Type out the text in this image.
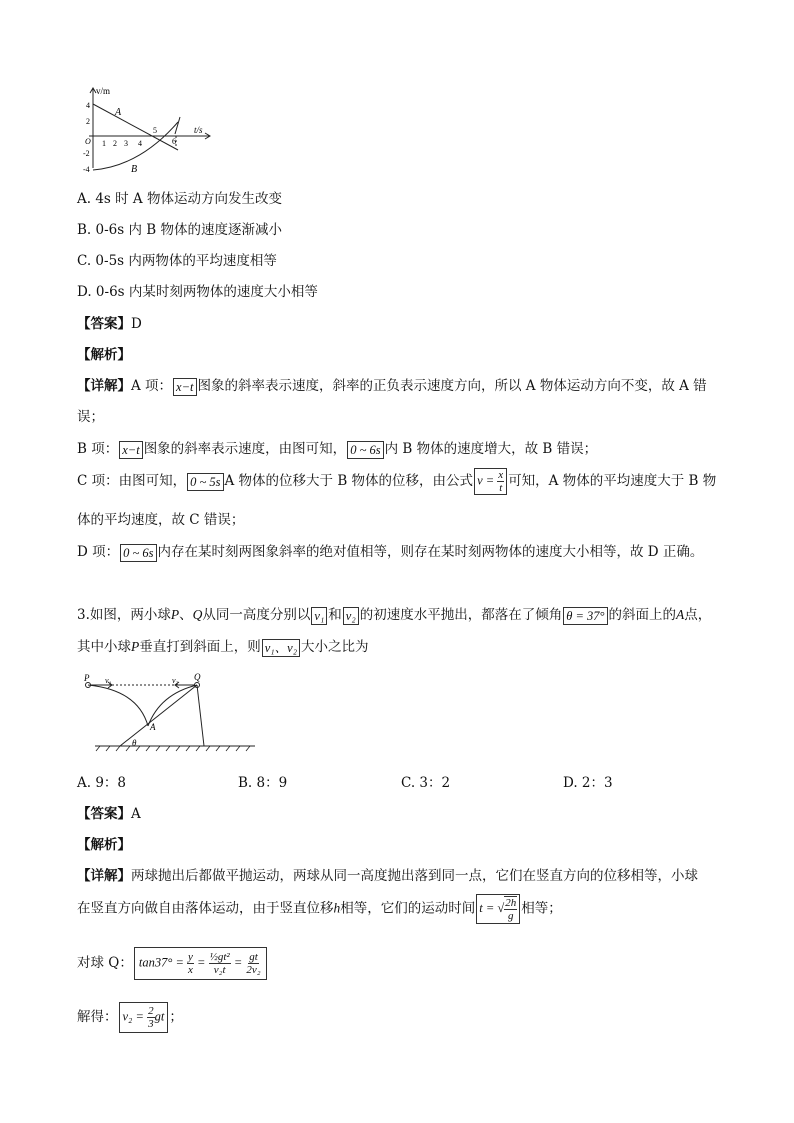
v/m
t/s
4
2
-2
-4
O 1 2 3 4
5
6
A
B
A. 4s 时 A 物体运动方向发生改变
B. 0-6s 内 B 物体的速度逐渐减小
C. 0-5s 内两物体的平均速度相等
D. 0-6s 内某时刻两物体的速度大小相等
【答案】D
【解析】
【详解】A 项： x−t 图象的斜率表示速度，斜率的正负表示速度方向，所以 A 物体运动方向不变，故 A 错
误；
B 项： x−t 图象的斜率表示速度，由图可知， 0 ~ 6s 内 B 物体的速度增大，故 B 错误；
C 项：由图可知， 0 ~ 5s A 物体的位移大于 B 物体的位移，由公式 $v = \frac{x}{t}$ 可知，A 物体的平均速度大于 B 物
体的平均速度，故 C 错误；
D 项： 0 ~ 6s 内存在某时刻两图象斜率的绝对值相等，则存在某时刻两物体的速度大小相等，故 D 正确。
3.如图，两小球P、Q从同一高度分别以 v₁ 和 v₂ 的初速度水平抛出，都落在了倾角 θ = 37° 的斜面上的A点，
其中小球P垂直打到斜面上，则 v₁、v₂ 大小之比为
P v₁	v₂ Q
A
θ
A. 9：8	B. 8：9	C. 3：2	D. 2：3
【答案】A
【解析】
【详解】两球抛出后都做平抛运动，两球从同一高度抛出落到同一点，它们在竖直方向的位移相等，小球
在竖直方向做自由落体运动，由于竖直位移h相等，它们的运动时间 t = √ $\frac{2h}{g}$ 相等；
对球 Q： $\tan 37^\circ = \frac{y}{x} = \frac{\text{½gt²}}{\text{v₂t}} = \frac{gt}{\text{2v₂}}$
解得： $v_2 = \frac{2}{3}$ gt ；
